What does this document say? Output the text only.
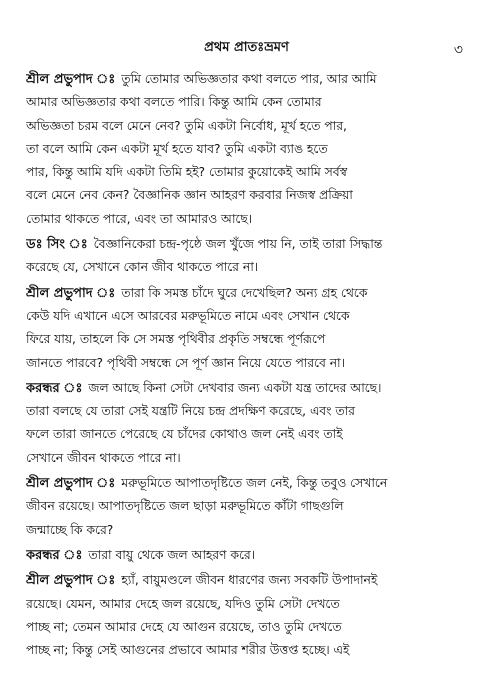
প্রথম প্রাতঃভ্রমণ	৩
শ্রীল প্রভুপাদ ঃ তুমি তোমার অভিজ্ঞতার কথা বলতে পার, আর আমি
আমার অভিজ্ঞতার কথা বলতে পারি। কিন্তু আমি কেন তোমার
অভিজ্ঞতা চরম বলে মেনে নেব? তুমি একটা নির্বোধ, মূর্খ হতে পার,
তা বলে আমি কেন একটা মূর্খ হতে যাব? তুমি একটা ব্যাঙ হতে
পার, কিন্তু আমি যদি একটা তিমি হই? তোমার কুয়োকেই আমি সর্বস্ব
বলে মেনে নেব কেন? বৈজ্ঞানিক জ্ঞান আহরণ করবার নিজস্ব প্রক্রিয়া
তোমার থাকতে পারে, এবং তা আমারও আছে।
ডঃ সিং ঃ বৈজ্ঞানিকেরা চন্দ্র-পৃষ্ঠে জল খুঁজে পায় নি, তাই তারা সিদ্ধান্ত
করেছে যে, সেখানে কোন জীব থাকতে পারে না।
শ্রীল প্রভুপাদ ঃ তারা কি সমস্ত চাঁদে ঘুরে দেখেছিল? অন্য গ্রহ থেকে
কেউ যদি এখানে এসে আরবের মরুভূমিতে নামে এবং সেখান থেকে
ফিরে যায়, তাহলে কি সে সমস্ত পৃথিবীর প্রকৃতি সম্বন্ধে পূর্ণরূপে
জানতে পারবে? পৃথিবী সম্বন্ধে সে পূর্ণ জ্ঞান নিয়ে যেতে পারবে না।
করন্ধর ঃ জল আছে কিনা সেটা দেখবার জন্য একটা যন্ত্র তাদের আছে।
তারা বলছে যে তারা সেই যন্ত্রটি নিয়ে চন্দ্র প্রদক্ষিণ করেছে, এবং তার
ফলে তারা জানতে পেরেছে যে চাঁদের কোথাও জল নেই এবং তাই
সেখানে জীবন থাকতে পারে না।
শ্রীল প্রভুপাদ ঃ মরুভূমিতে আপাতদৃষ্টিতে জল নেই, কিন্তু তবুও সেখানে
জীবন রয়েছে। আপাতদৃষ্টিতে জল ছাড়া মরুভূমিতে কাঁটা গাছগুলি
জন্মাচ্ছে কি করে?
করন্ধর ঃ তারা বায়ু থেকে জল আহরণ করে।
শ্রীল প্রভুপাদ ঃ হ্যাঁ, বায়ুমণ্ডলে জীবন ধারণের জন্য সবকটি উপাদানই
রয়েছে। যেমন, আমার দেহে জল রয়েছে, যদিও তুমি সেটা দেখতে
পাচ্ছ না; তেমন আমার দেহে যে আগুন রয়েছে, তাও তুমি দেখতে
পাচ্ছ না; কিন্তু সেই আগুনের প্রভাবে আমার শরীর উত্তপ্ত হচ্ছে। এই
